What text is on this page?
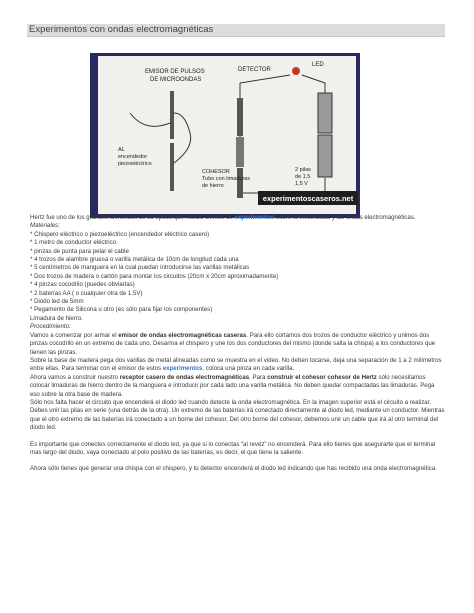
Experimentos con ondas electromagnéticas
EMISOR DE PULSOS DE MICROONDAS
AL encendedor piezoeléctrico
DETECTOR
LED
COHESOR Tubo con limaduras de hierro
2 pilas de 1,5 1,5 V
experimentoscaseros.net

Hertz fue uno de los grandes científicos de su época que realizó cientos de experimentos sobre la electricidad y las ondas electromagnéticas.

Materiales:

* Chispero eléctrico o piezoeléctrico (encendedor eléctrico casero)

* 1 metro de conductor eléctrico

* pinzas de punta para pelar el cable

* 4 trozos de alambre gruesa o varilla metálica de 10cm de longitud cada una

* 5 centímetros de manguera en la cual puedan introducirse las varillas metálicas

* Dos trozos de madera o cartón para montar los circuitos (20cm x 20cm aproximadamente)

* 4 pinzas cocodrilo (puedes obviarlas)

* 2 baterías AA ( o cualquier otra de 1.5V)

* Diodo led de 5mm

* Pegamento de Silicona u otro (es sólo para fijar los componentes)

Limadura de hierro.

Procedimiento:

Vamos a comenzar por armar el emisor de ondas electromagnéticas caseras. Para ello cortamos dos trozos de conductor eléctrico y unimos dos pinzas cocodrilo en un extremo de cada uno. Desarma el chispero y une los dos conductores del mismo (donde salta la chispa) a los conductores que tienen las pinzas.

Sobre la base de madera pega dos varillas de metal alineadas como se muestra en el video. No deben tocarse, deja una separación de 1 a 2 milímetros entre ellas. Para terminar con el emisor de estos experimentos, coloca una pinza en cada varilla.

Ahora vamos a construir nuestro receptor casero de ondas electromagnéticas. Para construir el cohesor cohesor de Hertz sólo necesitamos colocar limaduras de hierro dentro de la manguera e introducir por cada lado una varilla metálica. No deben quedar compactadas las limaduras. Pega eso sobre la otra base de madera.

Sólo nos falta hacer el circuito que encenderá el diodo led cuando detecte la onda electromagnética. En la imagen superior está el circuito a realizar. Debes unir las pilas en serie (una detrás de la otra). Un extremo de las baterías irá conectado directamente al diodo led, mediante un conductor. Mientras que el otro extremo de las baterías irá conectado a un borne del cohesor. Del otro borne del cohesor, debemos unir un cable que irá al otro terminal del diodo led.

Es importante que conectes correctamente el diodo led, ya que si lo conectas “al revéz” no encenderá. Para ello tienes que asegurarte que el terminal mas largo del diodo, vaya conectado al polo positivo de las baterías, es decir, el que tiene la saliente.

Ahora sólo tienes que generar una chispa con el chispero, y tu detector encenderá el diodo led indicando que has recibido una onda electromagnética.
